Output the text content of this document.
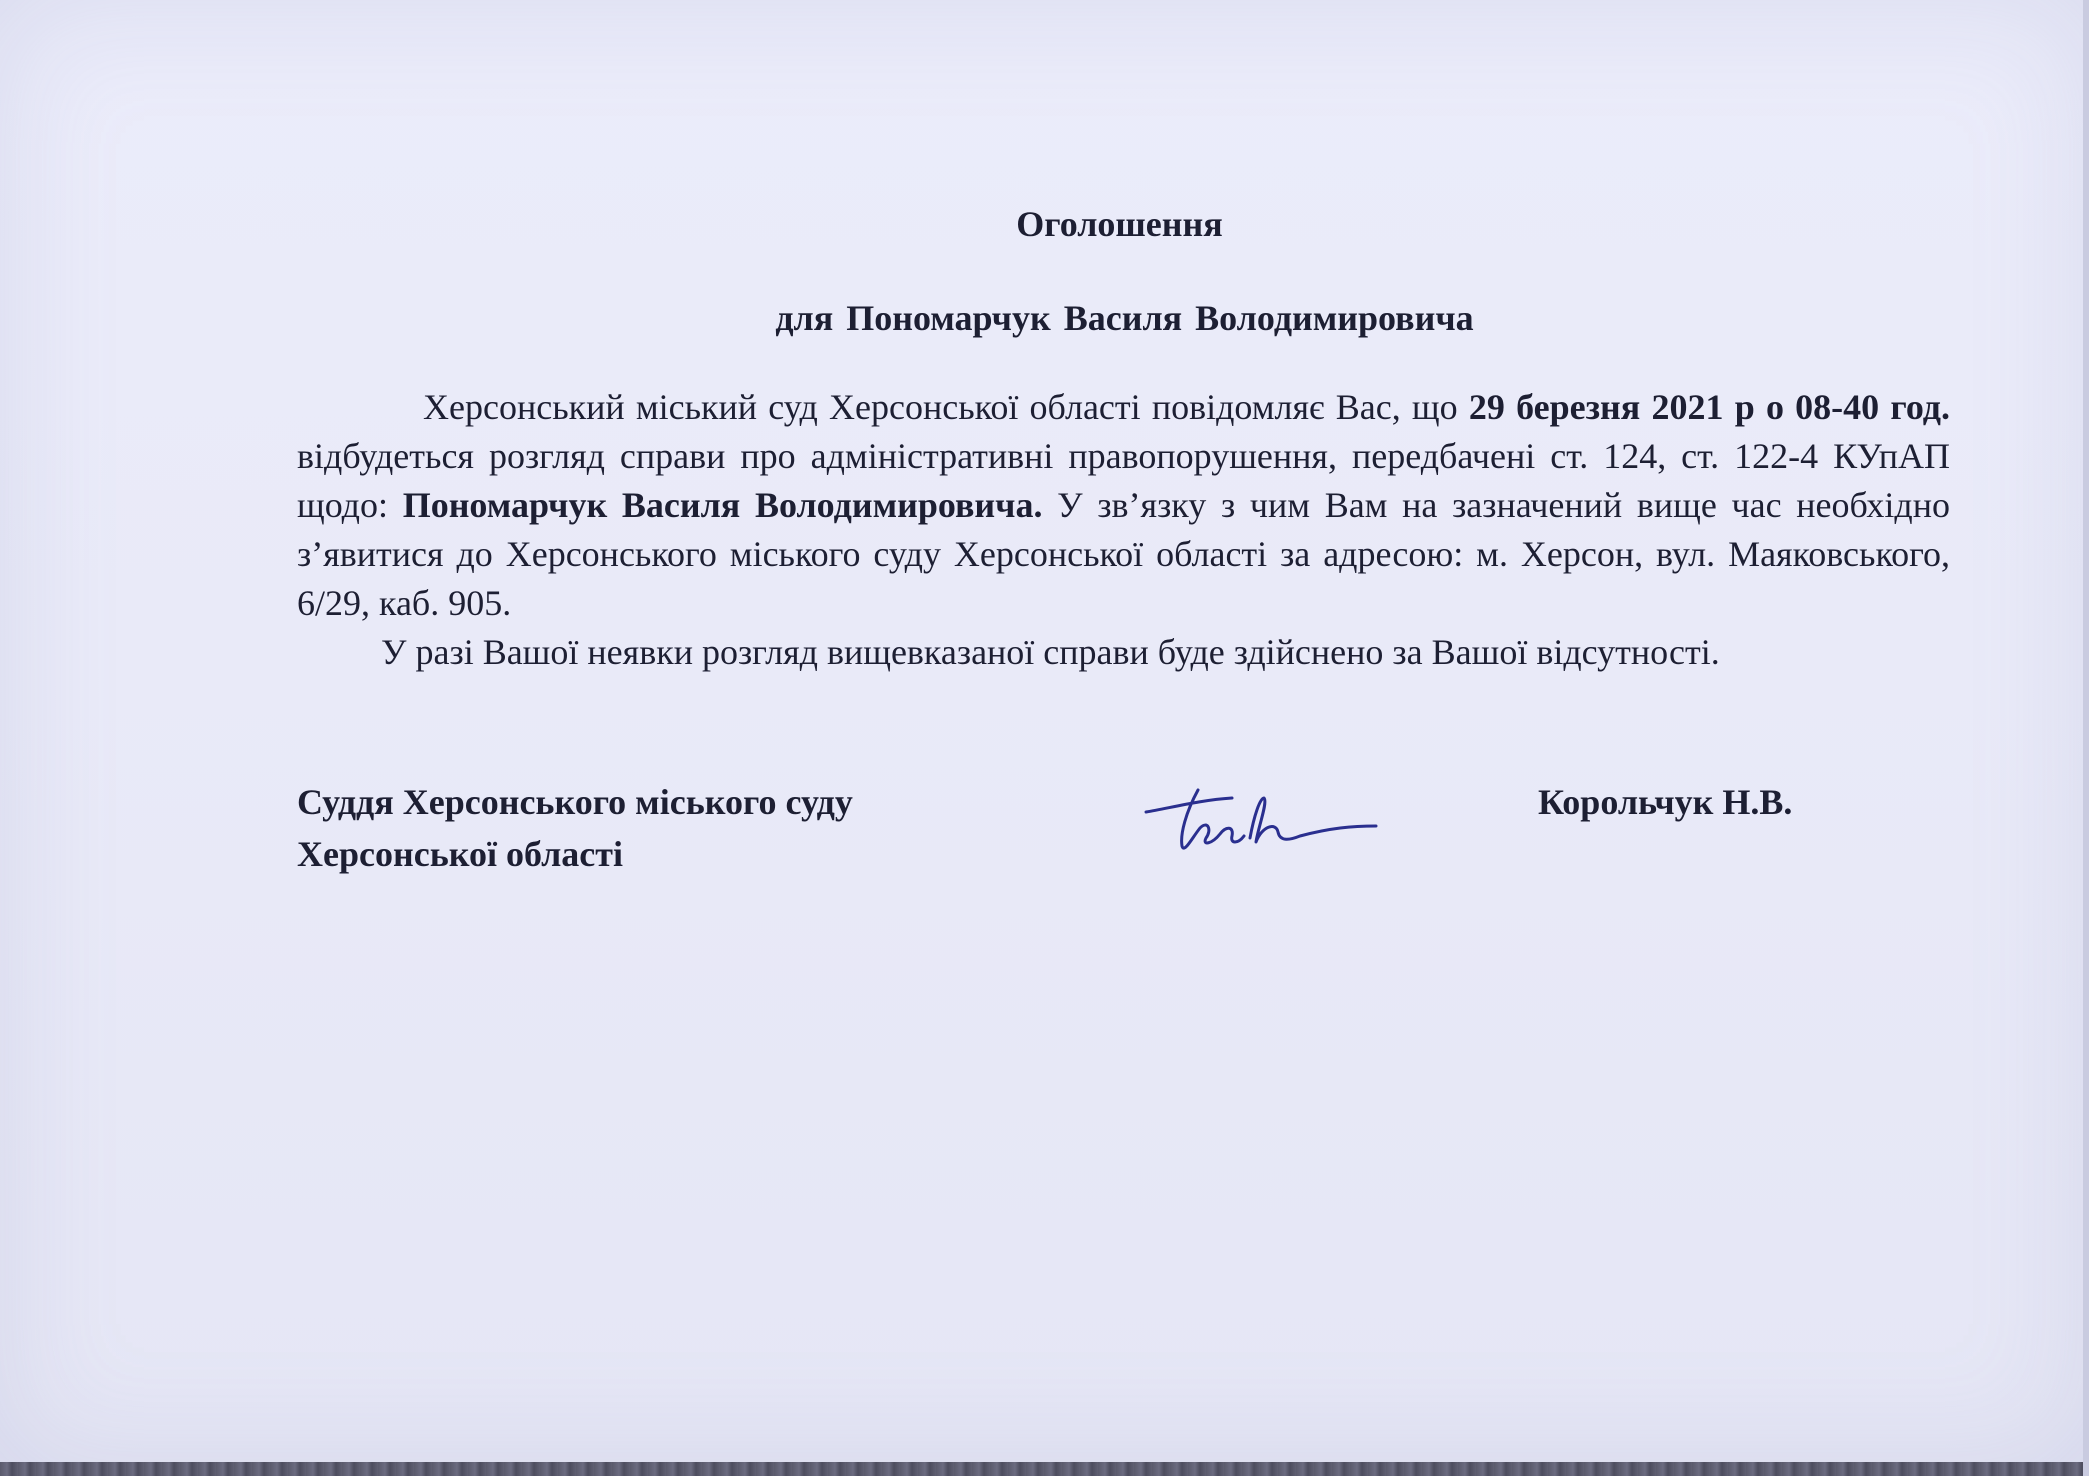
Оголошення
для Пономарчук Василя Володимировича

Херсонський міський суд Херсонської області повідомляє Вас, що 29 березня 2021 р о 08-40 год. відбудеться розгляд справи про адміністративні правопорушення, передбачені ст. 124, ст. 122-4 КУпАП щодо: Пономарчук Василя Володимировича. У зв’язку з чим Вам на зазначений вище час необхідно з’явитися до Херсонського міського суду Херсонської області за адресою: м. Херсон, вул. Маяковського, 6/29, каб. 905.

У разі Вашої неявки розгляд вищевказаної справи буде здійснено за Вашої відсутності.

Суддя Херсонського міського суду
Херсонської області
Корольчук Н.В.
